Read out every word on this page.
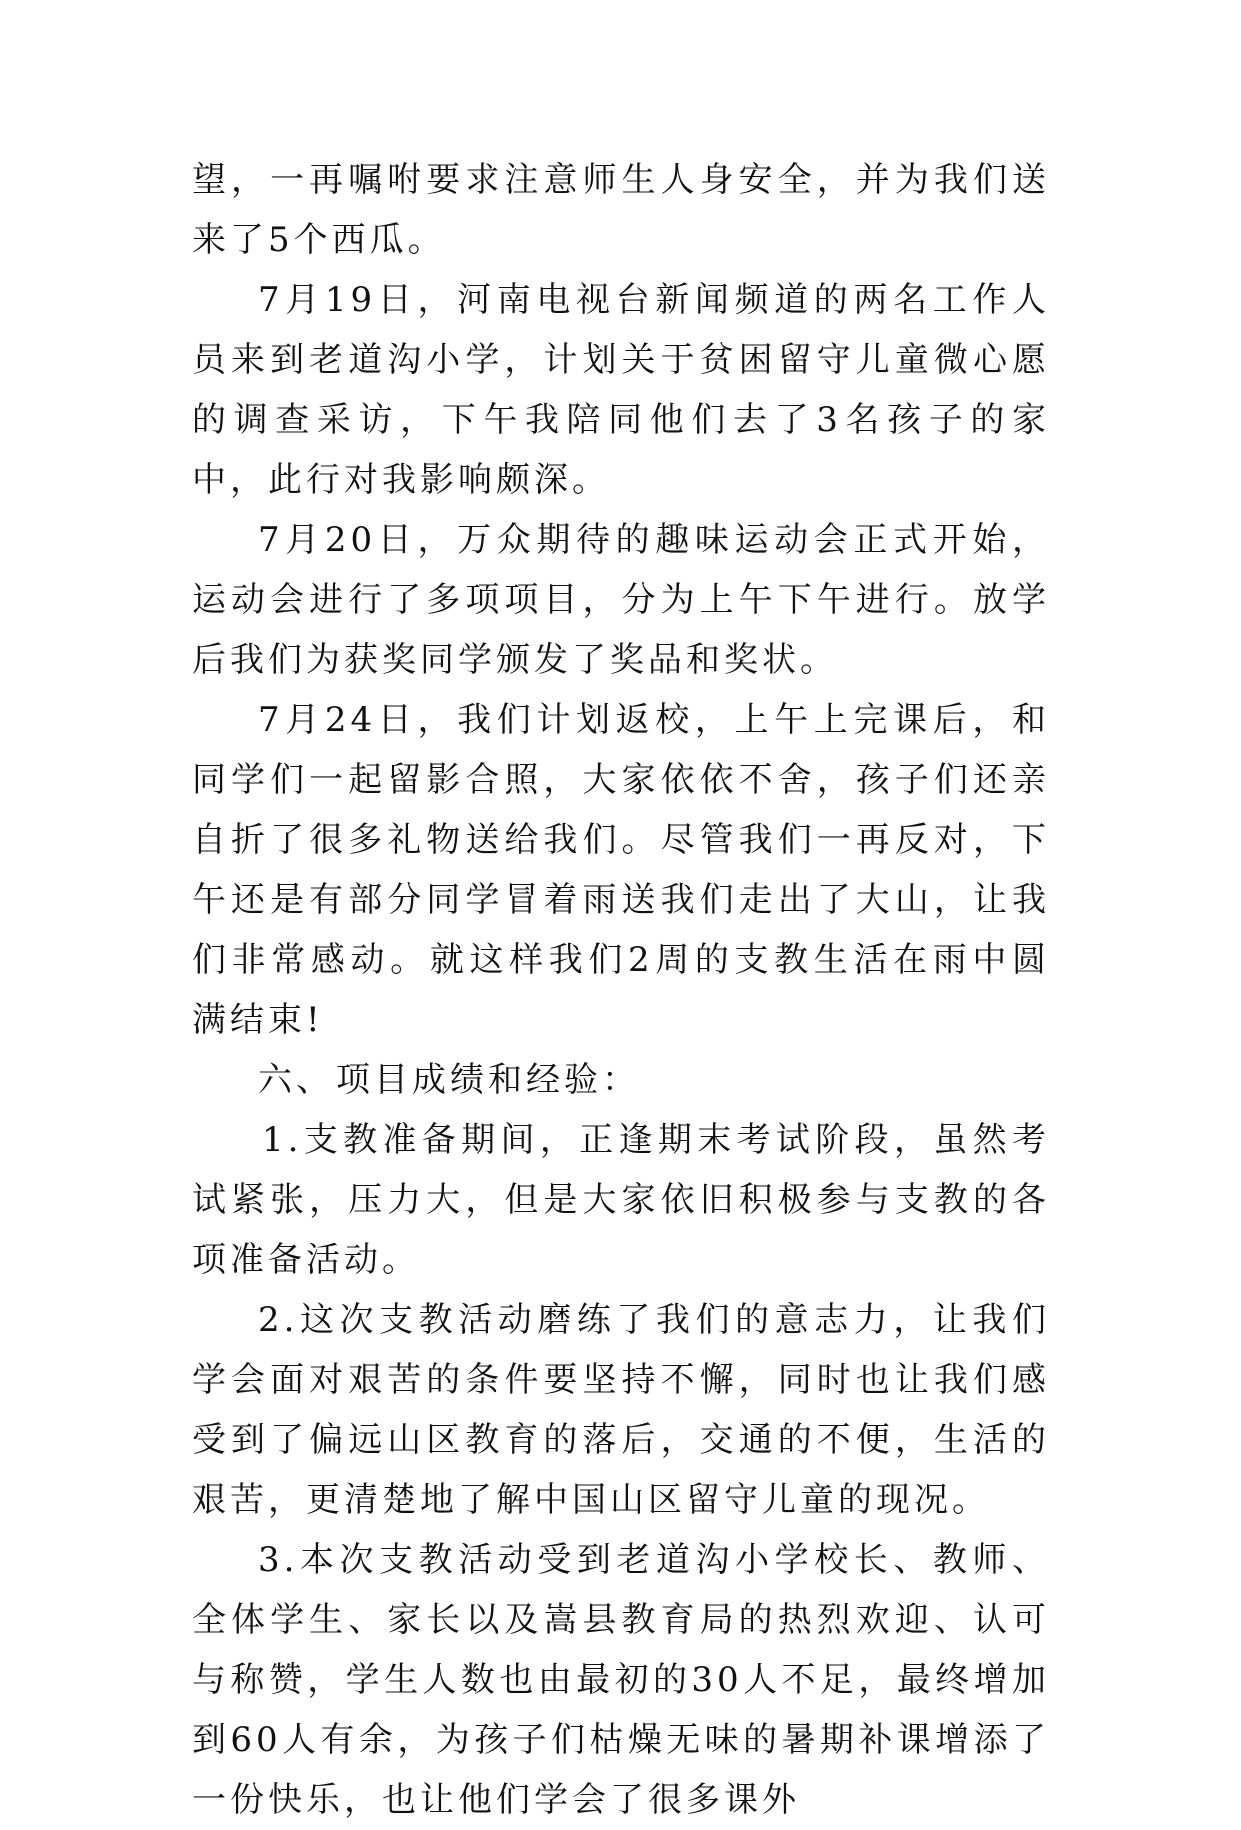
望，一再嘱咐要求注意师生人身安全，并为我们送来了5个西瓜。

7月19日，河南电视台新闻频道的两名工作人员来到老道沟小学，计划关于贫困留守儿童微心愿的调查采访，下午我陪同他们去了3名孩子的家中，此行对我影响颇深。

7月20日，万众期待的趣味运动会正式开始，运动会进行了多项项目，分为上午下午进行。放学后我们为获奖同学颁发了奖品和奖状。

7月24日，我们计划返校，上午上完课后，和同学们一起留影合照，大家依依不舍，孩子们还亲自折了很多礼物送给我们。尽管我们一再反对，下午还是有部分同学冒着雨送我们走出了大山，让我们非常感动。就这样我们2周的支教生活在雨中圆满结束!

六、项目成绩和经验：

1.支教准备期间，正逢期末考试阶段，虽然考试紧张，压力大，但是大家依旧积极参与支教的各项准备活动。

2.这次支教活动磨练了我们的意志力，让我们学会面对艰苦的条件要坚持不懈，同时也让我们感受到了偏远山区教育的落后，交通的不便，生活的艰苦，更清楚地了解中国山区留守儿童的现况。

3.本次支教活动受到老道沟小学校长、教师、全体学生、家长以及嵩县教育局的热烈欢迎、认可与称赞，学生人数也由最初的30人不足，最终增加到60人有余，为孩子们枯燥无味的暑期补课增添了一份快乐，也让他们学会了很多课外
